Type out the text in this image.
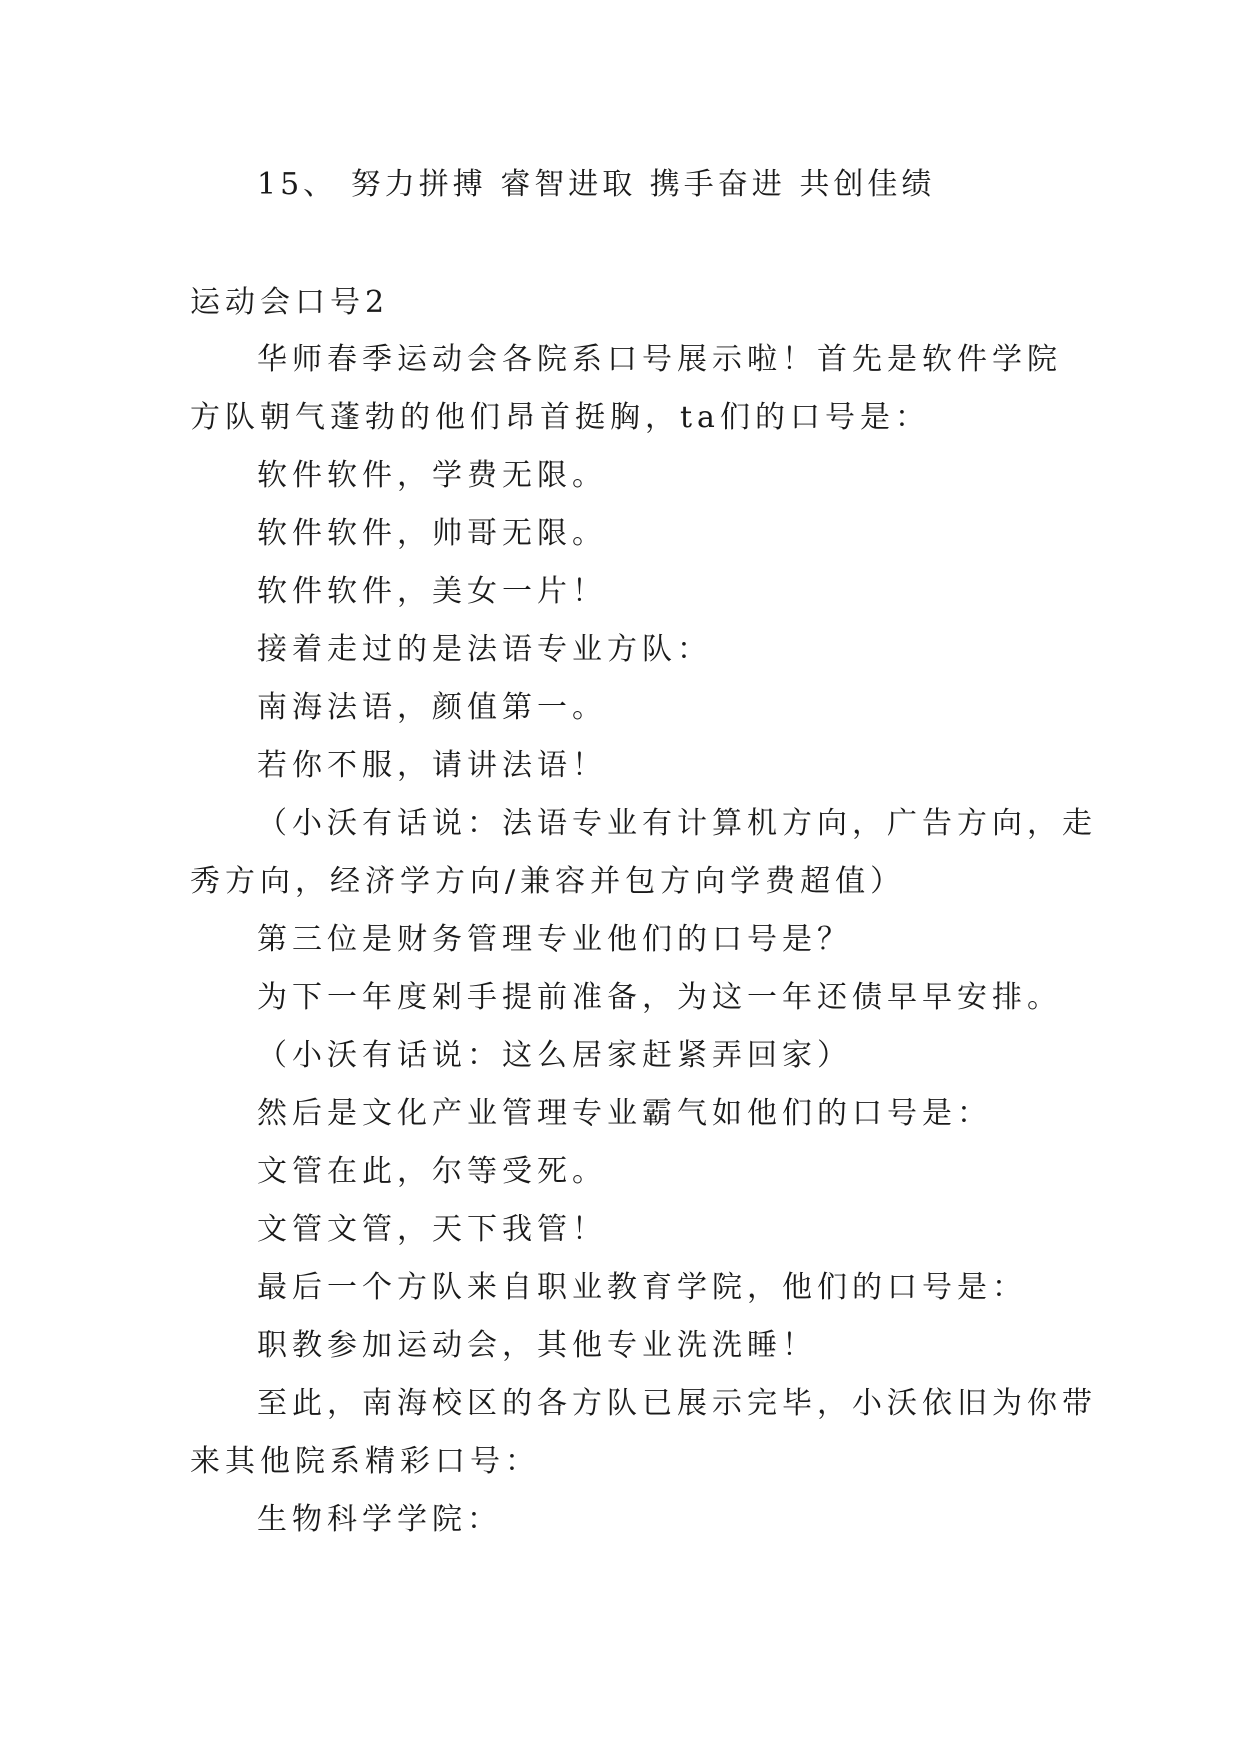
15、 努力拼搏 睿智进取 携手奋进 共创佳绩
运动会口号2
华师春季运动会各院系口号展示啦！首先是软件学院
方队朝气蓬勃的他们昂首挺胸，ta们的口号是：
软件软件，学费无限。
软件软件，帅哥无限。
软件软件，美女一片！
接着走过的是法语专业方队：
南海法语，颜值第一。
若你不服，请讲法语！
（小沃有话说：法语专业有计算机方向，广告方向，走
秀方向，经济学方向/兼容并包方向学费超值）
第三位是财务管理专业他们的口号是？
为下一年度剁手提前准备，为这一年还债早早安排。
（小沃有话说：这么居家赶紧弄回家）
然后是文化产业管理专业霸气如他们的口号是：
文管在此，尔等受死。
文管文管，天下我管！
最后一个方队来自职业教育学院，他们的口号是：
职教参加运动会，其他专业洗洗睡！
至此，南海校区的各方队已展示完毕，小沃依旧为你带
来其他院系精彩口号：
生物科学学院：
